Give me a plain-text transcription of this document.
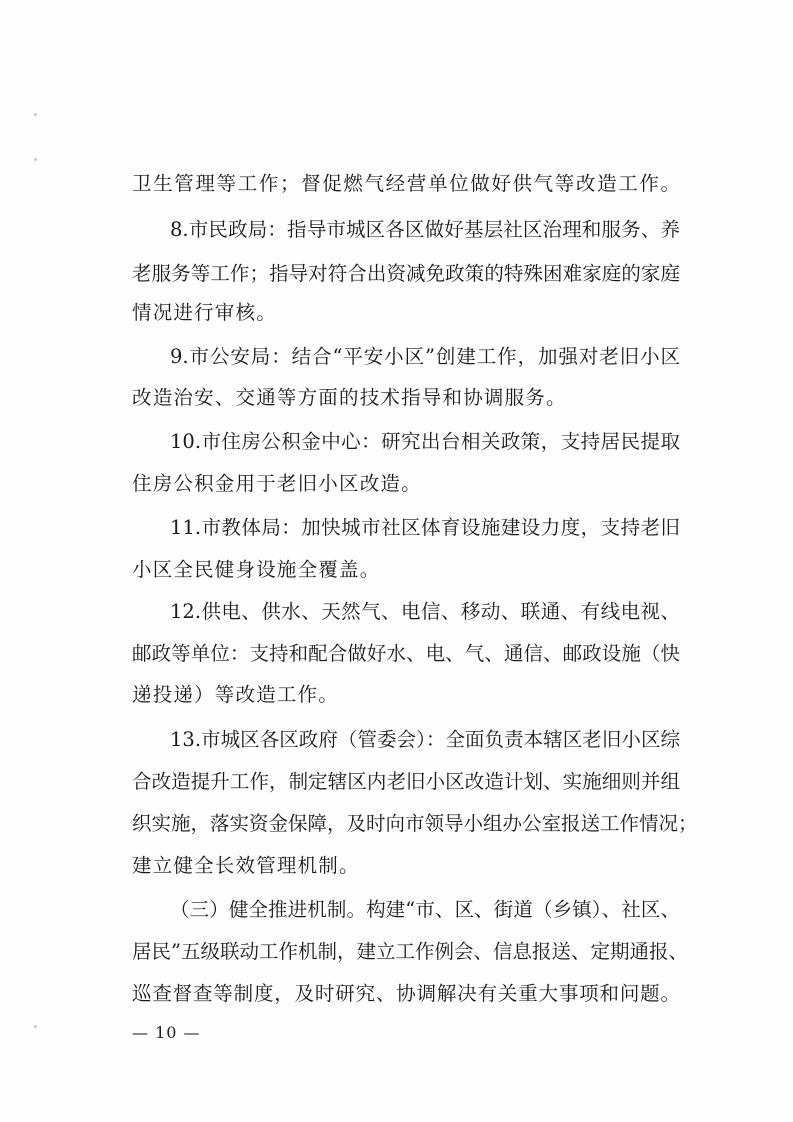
卫生管理等工作；督促燃气经营单位做好供气等改造工作。
8.市民政局：指导市城区各区做好基层社区治理和服务、养
老服务等工作；指导对符合出资减免政策的特殊困难家庭的家庭
情况进行审核。
9.市公安局：结合“平安小区”创建工作，加强对老旧小区
改造治安、交通等方面的技术指导和协调服务。
10.市住房公积金中心：研究出台相关政策，支持居民提取
住房公积金用于老旧小区改造。
11.市教体局：加快城市社区体育设施建设力度，支持老旧
小区全民健身设施全覆盖。
12.供电、供水、天然气、电信、移动、联通、有线电视、
邮政等单位：支持和配合做好水、电、气、通信、邮政设施（快
递投递）等改造工作。
13.市城区各区政府（管委会）：全面负责本辖区老旧小区综
合改造提升工作，制定辖区内老旧小区改造计划、实施细则并组
织实施，落实资金保障，及时向市领导小组办公室报送工作情况；
建立健全长效管理机制。
（三）健全推进机制。构建“市、区、街道（乡镇）、社区、
居民”五级联动工作机制，建立工作例会、信息报送、定期通报、
巡查督查等制度，及时研究、协调解决有关重大事项和问题。
— 10 —
